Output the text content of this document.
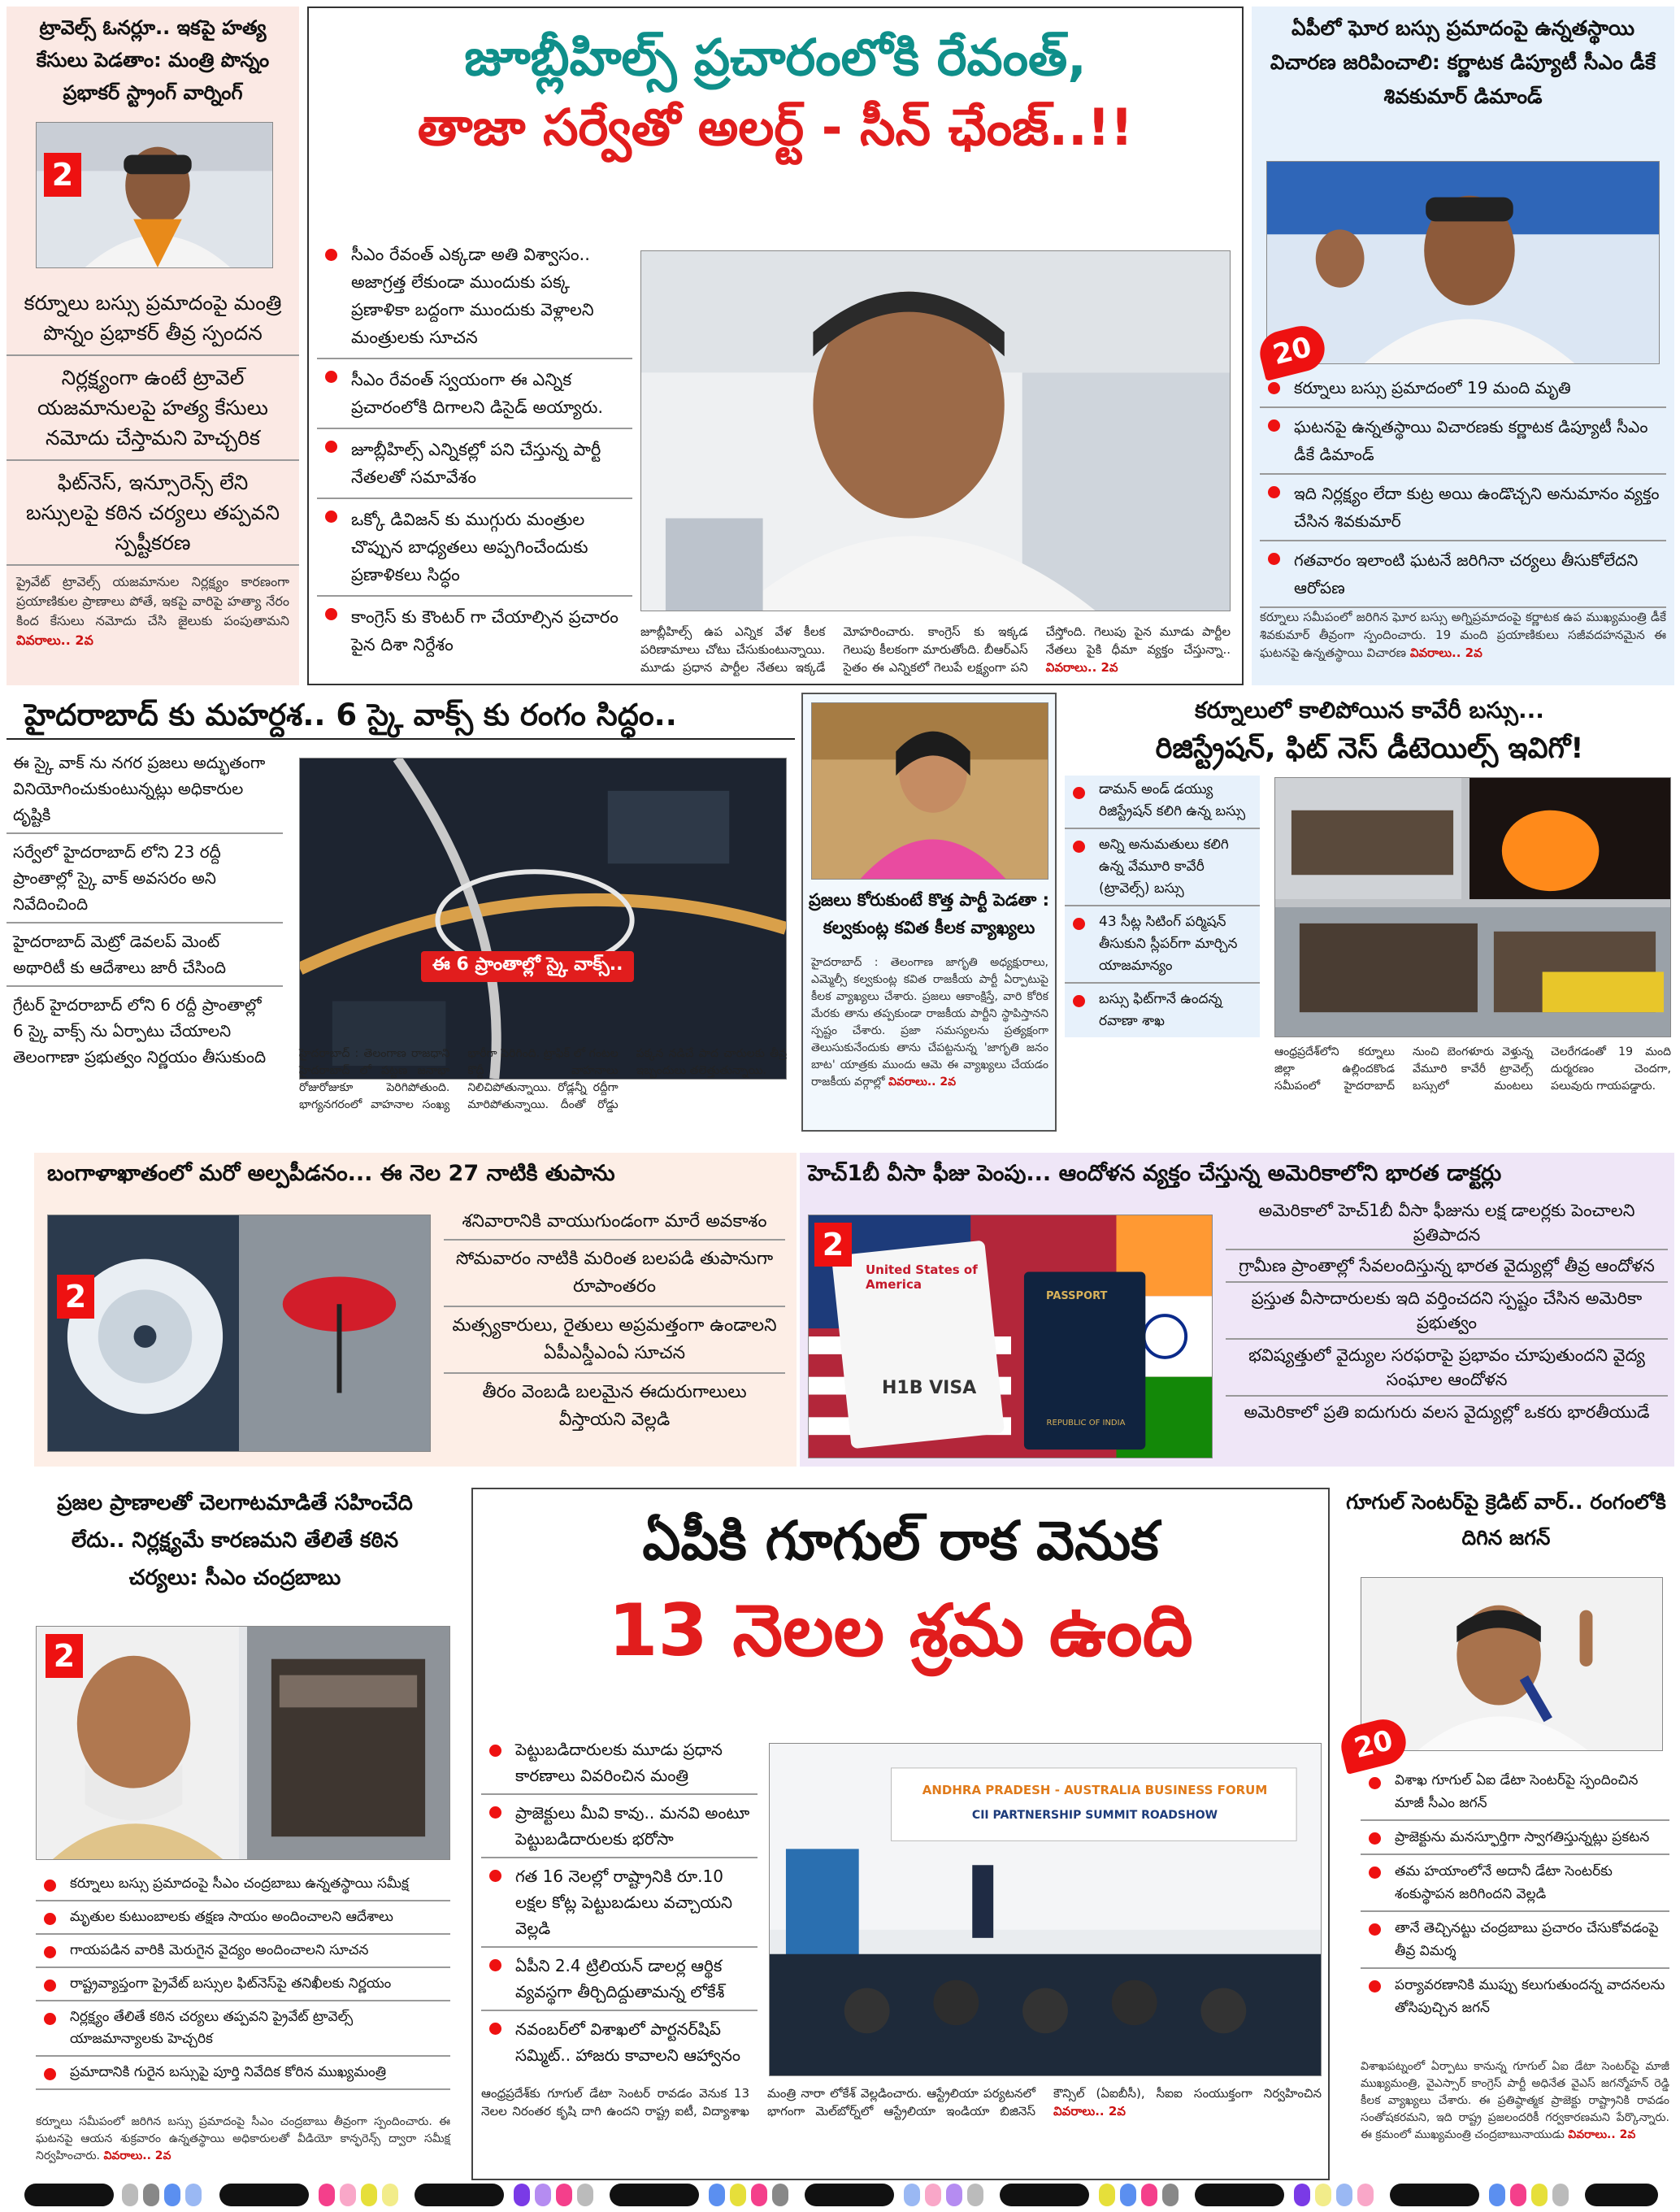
ట్రావెల్స్ ఓనర్లూ.. ఇకపై హత్య కేసులు పెడతాం: మంత్రి పొన్నం ప్రభాకర్ స్ట్రాంగ్ వార్నింగ్
2
కర్నూలు బస్సు ప్రమాదంపై మంత్రి పొన్నం ప్రభాకర్ తీవ్ర స్పందన
నిర్లక్ష్యంగా ఉంటే ట్రావెల్ యజమానులపై హత్య కేసులు నమోదు చేస్తామని హెచ్చరిక
ఫిట్‌నెస్, ఇన్సూరెన్స్ లేని బస్సులపై కఠిన చర్యలు తప్పవని స్పష్టీకరణ
ప్రైవేట్ ట్రావెల్స్ యజమానుల నిర్లక్ష్యం కారణంగా ప్రయాణికుల ప్రాణాలు పోతే, ఇకపై వారిపై హత్యా నేరం కింద కేసులు నమోదు చేసి జైలుకు పంపుతామని వివరాలు.. 2వ
జూబ్లీహిల్స్ ప్రచారంలోకి రేవంత్,
తాజా సర్వేతో అలర్ట్ - సీన్ ఛేంజ్..!!
సీఎం రేవంత్ ఎక్కడా అతి విశ్వాసం.. అజాగ్రత్త లేకుండా ముందుకు పక్క ప్రణాళికా బద్దంగా ముందుకు వెళ్లాలని మంత్రులకు సూచన
సీఎం రేవంత్ స్వయంగా ఈ ఎన్నిక ప్రచారంలోకి దిగాలని డిసైడ్ అయ్యారు.
జూబ్లీహిల్స్ ఎన్నికల్లో పని చేస్తున్న పార్టీ నేతలతో సమావేశం
ఒక్కో డివిజన్ కు ముగ్గురు మంత్రుల చొప్పున బాధ్యతలు అప్పగించేందుకు ప్రణాళికలు సిద్ధం
కాంగ్రెస్ కు కౌంటర్ గా చేయాల్సిన ప్రచారం పైన దిశా నిర్దేశం
జూబ్లీహిల్స్ ఉప ఎన్నిక వేళ కీలక పరిణామాలు చోటు చేసుకుంటున్నాయి. మూడు ప్రధాన పార్టీల నేతలు ఇక్కడే మోహరించారు. కాంగ్రెస్ కు ఇక్కడ గెలుపు కీలకంగా మారుతోంది. బీఆర్ఎస్ సైతం ఈ ఎన్నికలో గెలుపే లక్ష్యంగా పని చేస్తోంది. గెలుపు పైన మూడు పార్టీల నేతలు పైకి ధీమా వ్యక్తం చేస్తున్నా.. వివరాలు.. 2వ
ఏపీలో ఘోర బస్సు ప్రమాదంపై ఉన్నతస్థాయి విచారణ జరిపించాలి: కర్ణాటక డిప్యూటీ సీఎం డీకే శివకుమార్ డిమాండ్
20
కర్నూలు బస్సు ప్రమాదంలో 19 మంది మృతి
ఘటనపై ఉన్నతస్థాయి విచారణకు కర్ణాటక డిప్యూటీ సీఎం డీకే డిమాండ్
ఇది నిర్లక్ష్యం లేదా కుట్ర అయి ఉండొచ్చని అనుమానం వ్యక్తం చేసిన శివకుమార్
గతవారం ఇలాంటి ఘటనే జరిగినా చర్యలు తీసుకోలేదని ఆరోపణ
కర్నూలు సమీపంలో జరిగిన ఘోర బస్సు అగ్నిప్రమాదంపై కర్ణాటక ఉప ముఖ్యమంత్రి డీకే శివకుమార్ తీవ్రంగా స్పందించారు. 19 మంది ప్రయాణికులు సజీవదహనమైన ఈ ఘటనపై ఉన్నతస్థాయి విచారణ వివరాలు.. 2వ
హైదరాబాద్ కు మహర్దశ.. 6 స్కై వాక్స్ కు రంగం సిద్ధం..
ఈ స్కై వాక్ ను నగర ప్రజలు అద్భుతంగా వినియోగించుకుంటున్నట్లు అధికారుల దృష్టికి
సర్వేలో హైదరాబాద్ లోని 23 రద్దీ ప్రాంతాల్లో స్కై వాక్ అవసరం అని నివేదించింది
హైదరాబాద్ మెట్రో డెవలప్ మెంట్ అథారిటీ కు ఆదేశాలు జారీ చేసింది
గ్రేటర్ హైదరాబాద్ లోని 6 రద్దీ ప్రాంతాల్లో 6 స్కై వాక్స్ ను ఏర్పాటు చేయాలని తెలంగాణా ప్రభుత్వం నిర్ణయం తీసుకుంది
ఈ 6 ప్రాంతాల్లో స్కై వాక్స్..
హైదరాబాద్ : తెలంగాణ రాజధాని హైదరాబాద్ లో పట్టణ జనాభా రోజురోజుకూ పెరిగిపోతుంది. భాగ్యనగరంలో వాహనాల సంఖ్య భారీగా పెరిగింది. ట్రాఫిక్ లో గంటల కొద్దీ వాహనాలు నిలిచిపోతున్నాయి. రోడ్లన్నీ రద్దీగా మారిపోతున్నాయి. దీంతో రోడ్డు పక్కన నడిచే పాద చారులకు తీవ్ర ఇబ్బందులు తలెత్తుతున్నాయి.
ప్రజలు కోరుకుంటే కొత్త పార్టీ పెడతా : కల్వకుంట్ల కవిత కీలక వ్యాఖ్యలు
హైదరాబాద్ : తెలంగాణ జాగృతి అధ్యక్షురాలు, ఎమ్మెల్సీ కల్వకుంట్ల కవిత రాజకీయ పార్టీ ఏర్పాటుపై కీలక వ్యాఖ్యలు చేశారు. ప్రజలు ఆకాంక్షిస్తే, వారి కోరిక మేరకు తాను తప్పకుండా రాజకీయ పార్టీని స్థాపిస్తానని స్పష్టం చేశారు. ప్రజా సమస్యలను ప్రత్యక్షంగా తెలుసుకునేందుకు తాను చేపట్టనున్న 'జాగృతి జనం బాట' యాత్రకు ముందు ఆమె ఈ వ్యాఖ్యలు చేయడం రాజకీయ వర్గాల్లో వివరాలు.. 2వ
కర్నూలులో కాలిపోయిన కావేరీ బస్సు...
రిజిస్ట్రేషన్, ఫిట్ నెస్ డీటెయిల్స్ ఇవిగో!
డామన్ అండ్ డయ్యు రిజిస్ట్రేషన్ కలిగి ఉన్న బస్సు
అన్ని అనుమతులు కలిగి ఉన్న వేమూరి కావేరీ (ట్రావెల్స్) బస్సు
43 సీట్ల సిటింగ్ పర్మిషన్ తీసుకుని స్లీపర్‌గా మార్చిన యాజమాన్యం
బస్సు ఫిట్‌గానే ఉందన్న రవాణా శాఖ
ఆంధ్రప్రదేశ్‌లోని కర్నూలు జిల్లా ఉల్లిందకొండ సమీపంలో హైదరాబాద్ నుంచి బెంగళూరు వెళ్తున్న వేమూరి కావేరీ ట్రావెల్స్ బస్సులో మంటలు చెలరేగడంతో 19 మంది దుర్మరణం చెందగా, పలువురు గాయపడ్డారు.
బంగాళాఖాతంలో మరో అల్పపీడనం... ఈ నెల 27 నాటికి తుపాను
2
శనివారానికి వాయుగుండంగా మారే అవకాశం
సోమవారం నాటికి మరింత బలపడి తుపానుగా రూపాంతరం
మత్స్యకారులు, రైతులు అప్రమత్తంగా ఉండాలని ఏపీఎస్డీఎంఏ సూచన
తీరం వెంబడి బలమైన ఈదురుగాలులు వీస్తాయని వెల్లడి
హెచ్1బీ వీసా ఫీజు పెంపు... ఆందోళన వ్యక్తం చేస్తున్న అమెరికాలోని భారత డాక్టర్లు
United States of America
H1B VISA
PASSPORT
REPUBLIC OF INDIA
2
అమెరికాలో హెచ్1బీ వీసా ఫీజును లక్ష డాలర్లకు పెంచాలని ప్రతిపాదన
గ్రామీణ ప్రాంతాల్లో సేవలందిస్తున్న భారత వైద్యుల్లో తీవ్ర ఆందోళన
ప్రస్తుత వీసాదారులకు ఇది వర్తించదని స్పష్టం చేసిన అమెరికా ప్రభుత్వం
భవిష్యత్తులో వైద్యుల సరఫరాపై ప్రభావం చూపుతుందని వైద్య సంఘాల ఆందోళన
అమెరికాలో ప్రతి ఐదుగురు వలస వైద్యుల్లో ఒకరు భారతీయుడే
ప్రజల ప్రాణాలతో చెలగాటమాడితే సహించేది లేదు.. నిర్లక్ష్యమే కారణమని తేలితే కఠిన చర్యలు: సీఎం చంద్రబాబు
2
కర్నూలు బస్సు ప్రమాదంపై సీఎం చంద్రబాబు ఉన్నతస్థాయి సమీక్ష
మృతుల కుటుంబాలకు తక్షణ సాయం అందించాలని ఆదేశాలు
గాయపడిన వారికి మెరుగైన వైద్యం అందించాలని సూచన
రాష్ట్రవ్యాప్తంగా ప్రైవేట్ బస్సుల ఫిట్‌నెస్‌పై తనిఖీలకు నిర్ణయం
నిర్లక్ష్యం తేలితే కఠిన చర్యలు తప్పవని ప్రైవేట్ ట్రావెల్స్ యాజమాన్యాలకు హెచ్చరిక
ప్రమాదానికి గురైన బస్సుపై పూర్తి నివేదిక కోరిన ముఖ్యమంత్రి
కర్నూలు సమీపంలో జరిగిన బస్సు ప్రమాదంపై సీఎం చంద్రబాబు తీవ్రంగా స్పందించారు. ఈ ఘటనపై ఆయన శుక్రవారం ఉన్నతస్థాయి అధికారులతో వీడియో కాన్ఫరెన్స్ ద్వారా సమీక్ష నిర్వహించారు. వివరాలు.. 2వ
ఏపీకి గూగుల్ రాక వెనుక
13 నెలల శ్రమ ఉంది
పెట్టుబడిదారులకు మూడు ప్రధాన కారణాలు వివరించిన మంత్రి
ప్రాజెక్టులు మీవి కావు.. మనవి అంటూ పెట్టుబడిదారులకు భరోసా
గత 16 నెలల్లో రాష్ట్రానికి రూ.10 లక్షల కోట్ల పెట్టుబడులు వచ్చాయని వెల్లడి
ఏపీని 2.4 ట్రిలియన్ డాలర్ల ఆర్థిక వ్యవస్థగా తీర్చిదిద్దుతామన్న లోకేశ్
నవంబర్‌లో విశాఖలో పార్టనర్‌షిప్ సమ్మిట్.. హాజరు కావాలని ఆహ్వానం
ANDHRA PRADESH - AUSTRALIA BUSINESS FORUM
CII PARTNERSHIP SUMMIT ROADSHOW
ఆంధ్రప్రదేశ్‌కు గూగుల్ డేటా సెంటర్ రావడం వెనుక 13 నెలల నిరంతర కృషి దాగి ఉందని రాష్ట్ర ఐటీ, విద్యాశాఖ మంత్రి నారా లోకేశ్ వెల్లడించారు. ఆస్ట్రేలియా పర్యటనలో భాగంగా మెల్‌బోర్న్‌లో ఆస్ట్రేలియా ఇండియా బిజినెస్ కౌన్సిల్ (ఏఐబీసీ), సీఐఐ సంయుక్తంగా నిర్వహించిన వివరాలు.. 2వ
గూగుల్ సెంటర్‌పై క్రెడిట్ వార్.. రంగంలోకి దిగిన జగన్
20
విశాఖ గూగుల్ ఏఐ డేటా సెంటర్‌పై స్పందించిన మాజీ సీఎం జగన్
ప్రాజెక్టును మనస్ఫూర్తిగా స్వాగతిస్తున్నట్లు ప్రకటన
తమ హయాంలోనే అదానీ డేటా సెంటర్‌కు శంకుస్థాపన జరిగిందని వెల్లడి
తానే తెచ్చినట్టు చంద్రబాబు ప్రచారం చేసుకోవడంపై తీవ్ర విమర్శ
పర్యావరణానికి ముప్పు కలుగుతుందన్న వాదనలను తోసిపుచ్చిన జగన్
విశాఖపట్నంలో ఏర్పాటు కానున్న గూగుల్ ఏఐ డేటా సెంటర్‌పై మాజీ ముఖ్యమంత్రి, వైఎస్సార్ కాంగ్రెస్ పార్టీ అధినేత వైఎస్ జగన్మోహన్ రెడ్డి కీలక వ్యాఖ్యలు చేశారు. ఈ ప్రతిష్ఠాత్మక ప్రాజెక్టు రాష్ట్రానికి రావడం సంతోషకరమని, ఇది రాష్ట్ర ప్రజలందరికీ గర్వకారణమని పేర్కొన్నారు. ఈ క్రమంలో ముఖ్యమంత్రి చంద్రబాబునాయుడు వివరాలు.. 2వ
